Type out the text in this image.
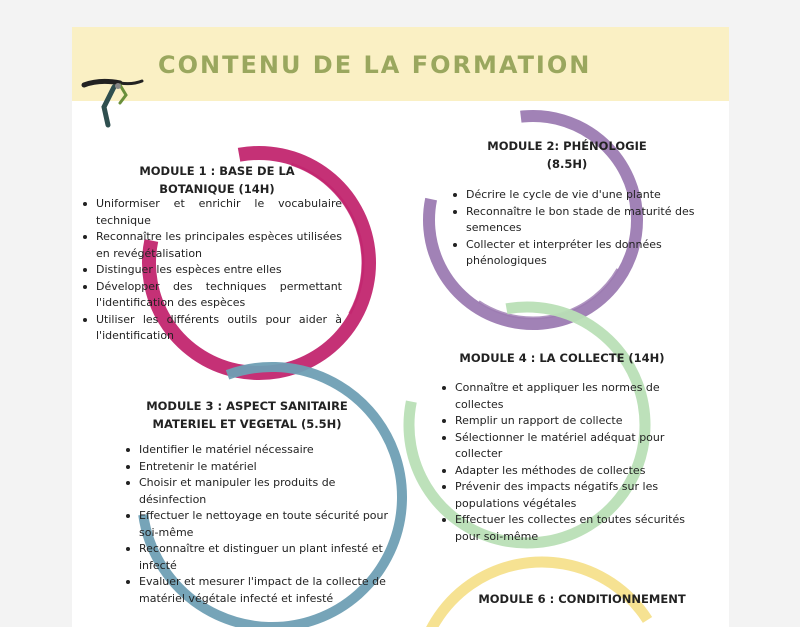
CONTENU DE LA FORMATION
MODULE 1 : BASE DE LA
BOTANIQUE (14H)
Uniformiser et enrichir le vocabulaire technique
Reconnaître les principales espèces utilisées en revégétalisation
Distinguer les espèces entre elles
Développer des techniques permettant l'identification des espèces
Utiliser les différents outils pour aider à l'identification
MODULE 2: PHÉNOLOGIE (8.5H)
Décrire le cycle de vie d'une plante
Reconnaître le bon stade de maturité des semences
Collecter et interpréter les données phénologiques
MODULE 3 : ASPECT SANITAIRE
MATERIEL ET VEGETAL (5.5H)
Identifier le matériel nécessaire
Entretenir le matériel
Choisir et manipuler les produits de désinfection
Effectuer le nettoyage en toute sécurité pour soi-même
Reconnaître et distinguer un plant infesté et infecté
Evaluer et mesurer l'impact de la collecte de matériel végétale infecté et infesté
MODULE 4 : LA COLLECTE (14H)
Connaître et appliquer les normes de collectes
Remplir un rapport de collecte
Sélectionner le matériel adéquat pour collecter
Adapter les méthodes de collectes
Prévenir des impacts négatifs sur les populations végétales
Effectuer les collectes en toutes sécurités pour soi-même
MODULE 6 : CONDITIONNEMENT
